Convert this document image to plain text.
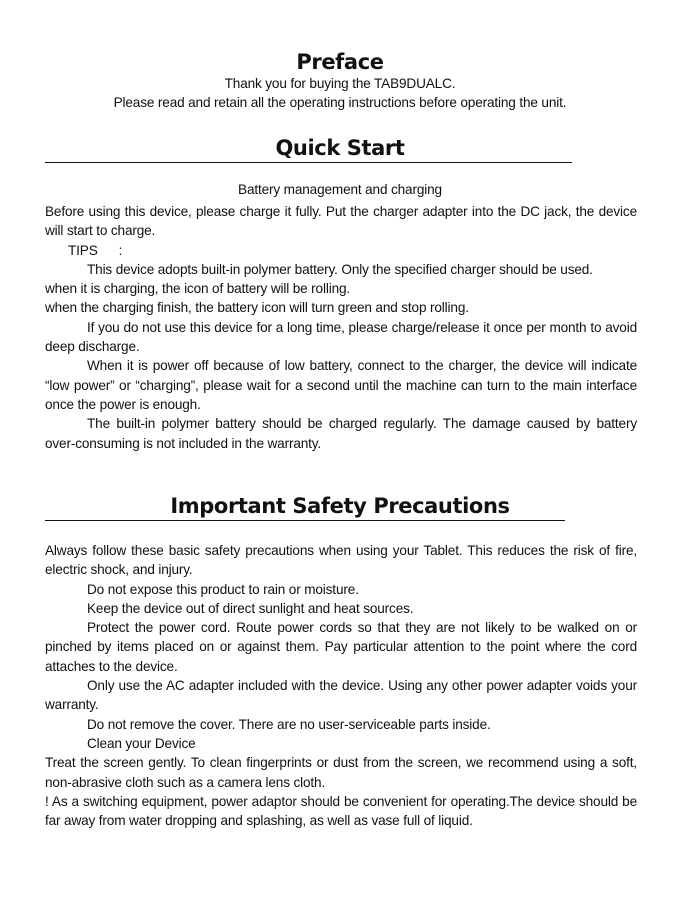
Preface
Thank you for buying the TAB9DUALC.
Please read and retain all the operating instructions before operating the unit.
Quick Start
Battery management and charging

Before using this device, please charge it fully. Put the charger adapter into the DC jack, the device will start to charge.

TIPS :

This device adopts built-in polymer battery. Only the specified charger should be used.

when it is charging, the icon of battery will be rolling.

when the charging finish, the battery icon will turn green and stop rolling.

If you do not use this device for a long time, please charge/release it once per month to avoid deep discharge.

When it is power off because of low battery, connect to the charger, the device will indicate “low power” or “charging”, please wait for a second until the machine can turn to the main interface once the power is enough.

The built-in polymer battery should be charged regularly. The damage caused by battery over-consuming is not included in the warranty.

Important Safety Precautions

Always follow these basic safety precautions when using your Tablet. This reduces the risk of fire, electric shock, and injury.

Do not expose this product to rain or moisture.

Keep the device out of direct sunlight and heat sources.

Protect the power cord. Route power cords so that they are not likely to be walked on or pinched by items placed on or against them. Pay particular attention to the point where the cord attaches to the device.

Only use the AC adapter included with the device. Using any other power adapter voids your warranty.

Do not remove the cover. There are no user-serviceable parts inside.

Clean your Device

Treat the screen gently. To clean fingerprints or dust from the screen, we recommend using a soft, non-abrasive cloth such as a camera lens cloth.

! As a switching equipment, power adaptor should be convenient for operating.The device should be far away from water dropping and splashing, as well as vase full of liquid.
